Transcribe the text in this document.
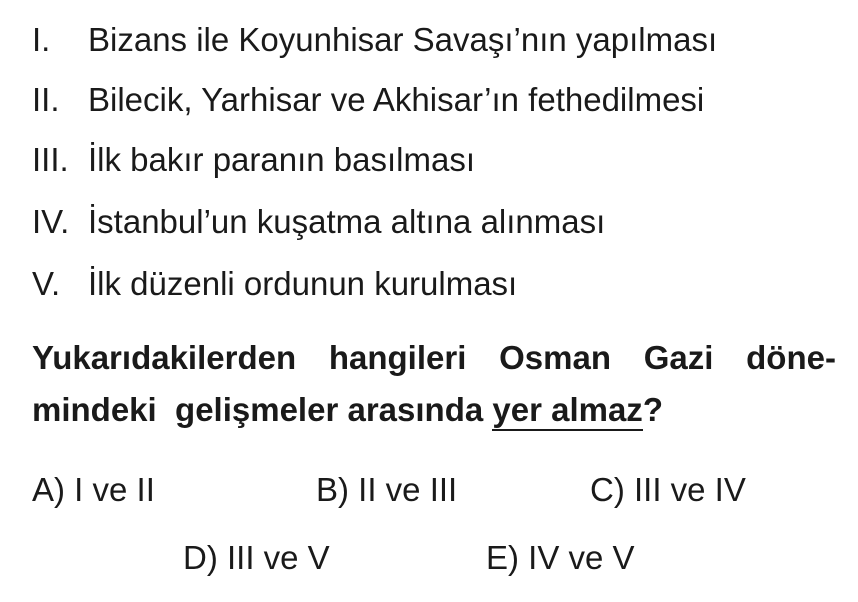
I. Bizans ile Koyunhisar Savaşı’nın yapılması
II. Bilecik, Yarhisar ve Akhisar’ın fethedilmesi
III. İlk bakır paranın basılması
IV. İstanbul’un kuşatma altına alınması
V. İlk düzenli ordunun kurulması
Yukarıdakilerden hangileri Osman Gazi döne-
mindeki  gelişmeler arasında yer almaz?
A) I ve II	B) II ve III	C) III ve IV
D) III ve V	E) IV ve V
